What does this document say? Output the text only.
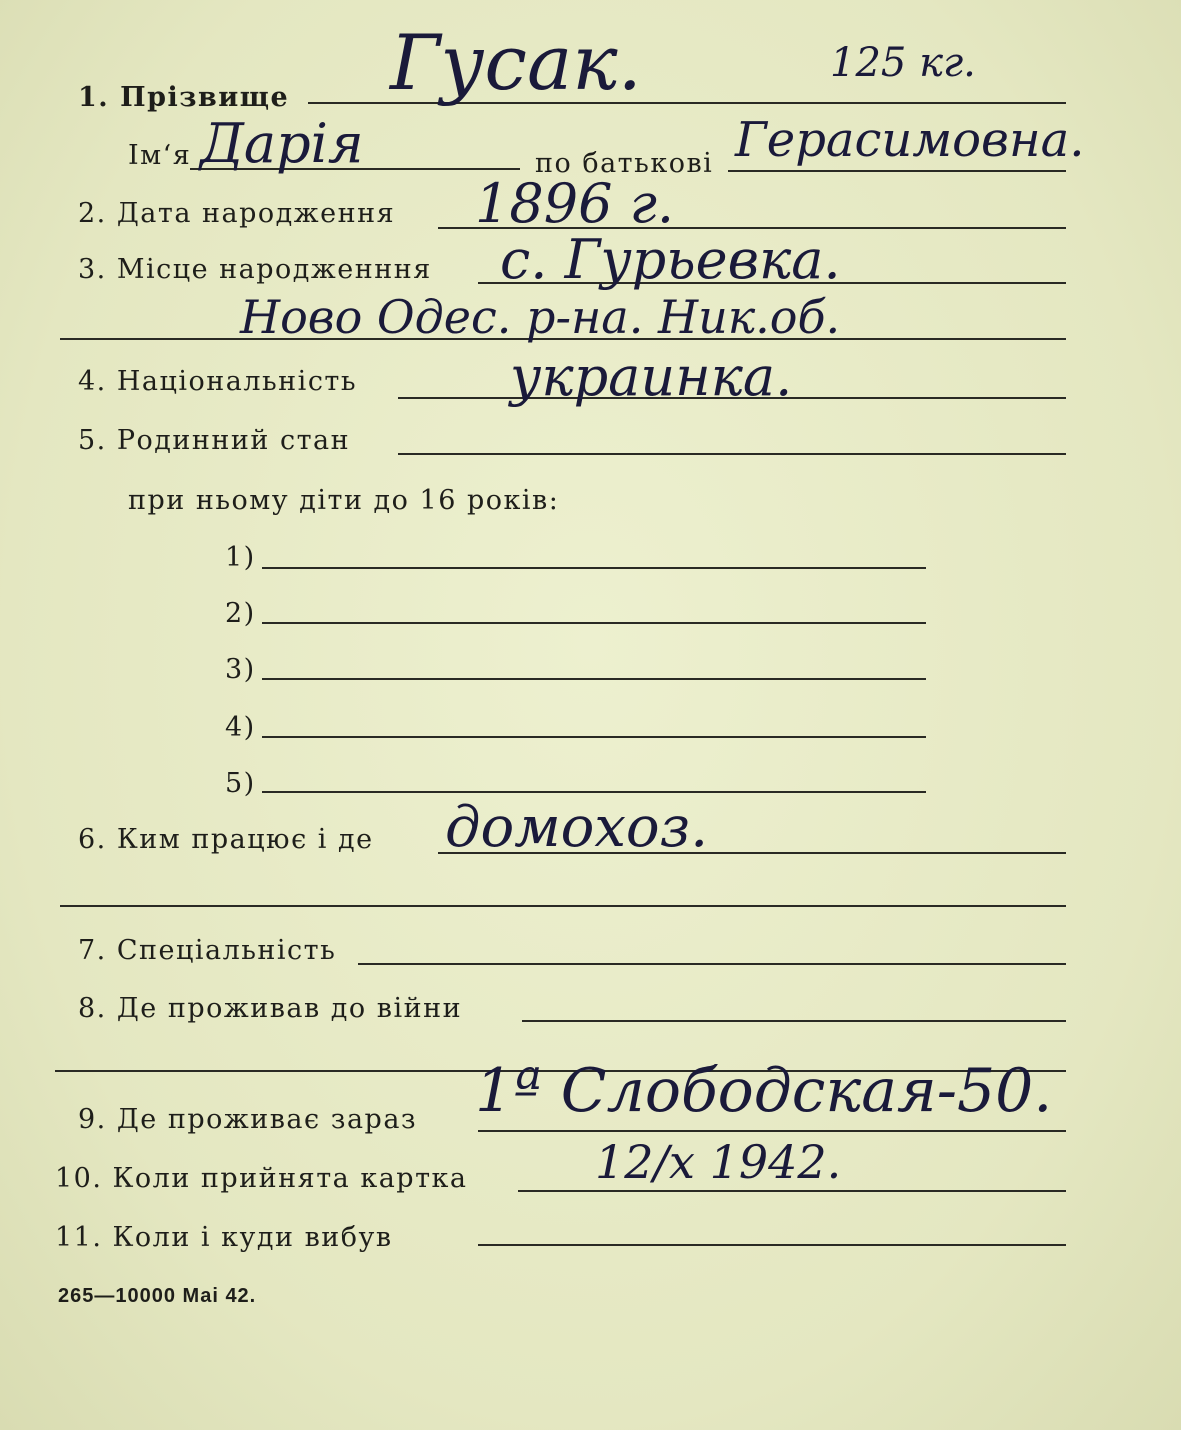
1. Прізвище Гусак.	125 кг.
Ім‘я Дарiя	по батькові Герасимовна.
2. Дата народження 1896 г.
3. Місце народженння с. Гурьевка.
Ново Одес. р-на. Ник.об.
4. Національність	украинка.
5. Родинний стан
при ньому діти до 16 років:
1)
2)
3)
4)
5)
6. Ким працює і де домохоз.
7. Спеціальність
8. Де проживав до війни
9. Де проживає зараз 1ª Слободская-50.
10. Коли прийнята картка	12/х 1942.
11. Коли і куди вибув
265—10000 Mai 42.
